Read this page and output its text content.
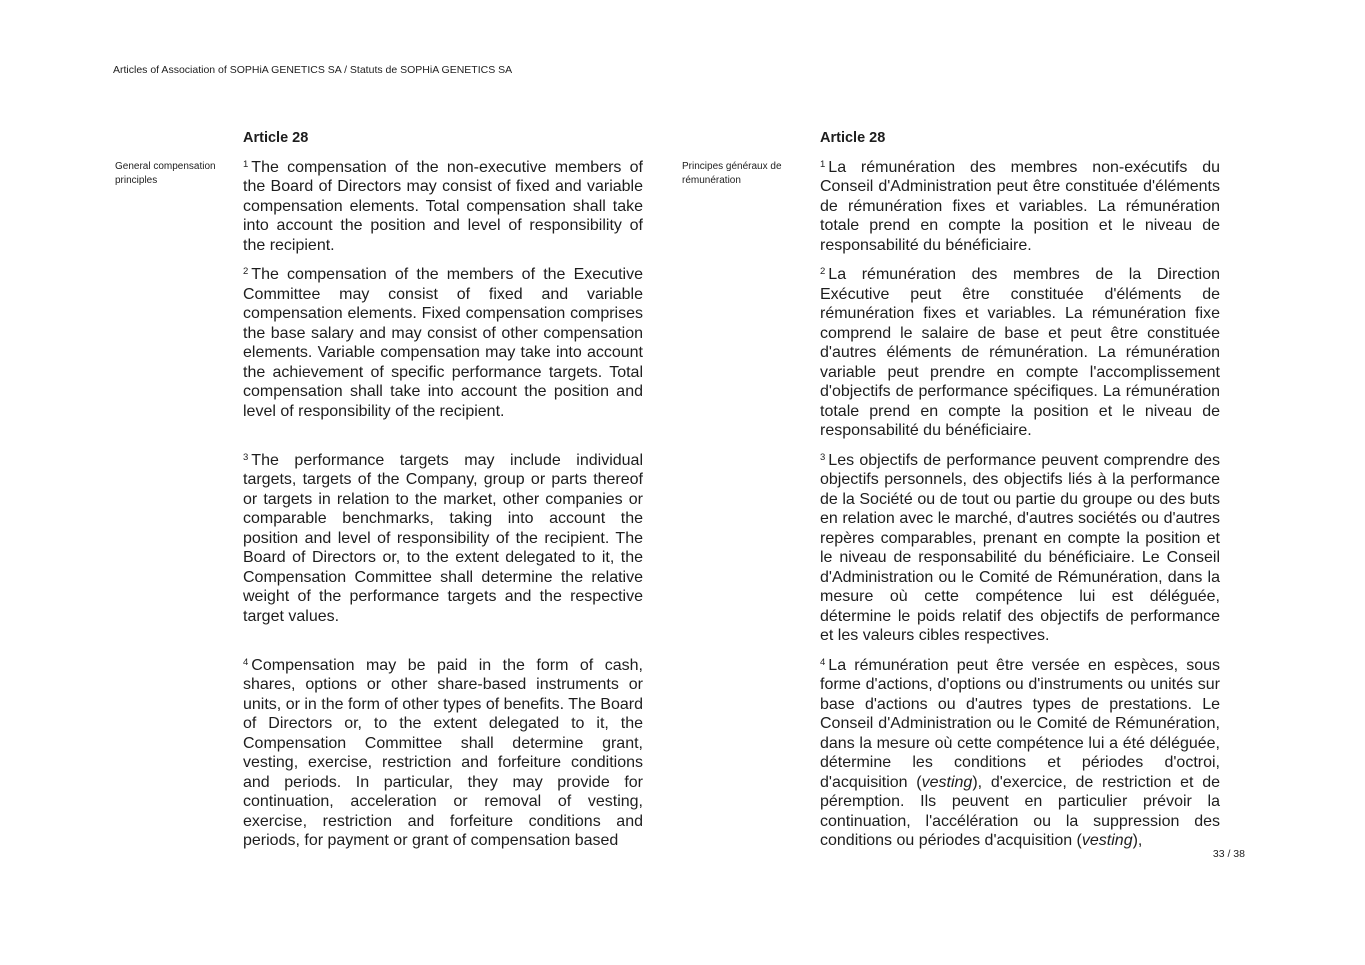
Articles of Association of SOPHiA GENETICS SA / Statuts de SOPHiA GENETICS SA
Article 28	Article 28
General compensation principles

$^1$ The compensation of the non-executive members of the Board of Directors may consist of fixed and variable compensation elements. Total compensation shall take into account the position and level of responsibility of the recipient.

Principes généraux de rémunération

$^1$ La rémunération des membres non-exécutifs du Conseil d'Administration peut être constituée d'éléments de rémunération fixes et variables. La rémunération totale prend en compte la position et le niveau de responsabilité du bénéficiaire.

$^2$ The compensation of the members of the Executive Committee may consist of fixed and variable compensation elements. Fixed compensation comprises the base salary and may consist of other compensation elements. Variable compensation may take into account the achievement of specific performance targets. Total compensation shall take into account the position and level of responsibility of the recipient.

$^2$ La rémunération des membres de la Direction Exécutive peut être constituée d'éléments de rémunération fixes et variables. La rémunération fixe comprend le salaire de base et peut être constituée d'autres éléments de rémunération. La rémunération variable peut prendre en compte l'accomplissement d'objectifs de performance spécifiques. La rémunération totale prend en compte la position et le niveau de responsabilité du bénéficiaire.

$^3$ The performance targets may include individual targets, targets of the Company, group or parts thereof or targets in relation to the market, other companies or comparable benchmarks, taking into account the position and level of responsibility of the recipient. The Board of Directors or, to the extent delegated to it, the Compensation Committee shall determine the relative weight of the performance targets and the respective target values.

$^3$ Les objectifs de performance peuvent comprendre des objectifs personnels, des objectifs liés à la performance de la Société ou de tout ou partie du groupe ou des buts en relation avec le marché, d'autres sociétés ou d'autres repères comparables, prenant en compte la position et le niveau de responsabilité du bénéficiaire. Le Conseil d'Administration ou le Comité de Rémunération, dans la mesure où cette compétence lui est déléguée, détermine le poids relatif des objectifs de performance et les valeurs cibles respectives.

$^4$ Compensation may be paid in the form of cash, shares, options or other share-based instruments or units, or in the form of other types of benefits. The Board of Directors or, to the extent delegated to it, the Compensation Committee shall determine grant, vesting, exercise, restriction and forfeiture conditions and periods. In particular, they may provide for continuation, acceleration or removal of vesting, exercise, restriction and forfeiture conditions and periods, for payment or grant of compensation based

$^4$ La rémunération peut être versée en espèces, sous forme d'actions, d'options ou d'instruments ou unités sur base d'actions ou d'autres types de prestations. Le Conseil d'Administration ou le Comité de Rémunération, dans la mesure où cette compétence lui a été déléguée, détermine les conditions et périodes d'octroi, d'acquisition (vesting), d'exercice, de restriction et de péremption. Ils peuvent en particulier prévoir la continuation, l'accélération ou la suppression des conditions ou périodes d'acquisition (vesting),

33 / 38
